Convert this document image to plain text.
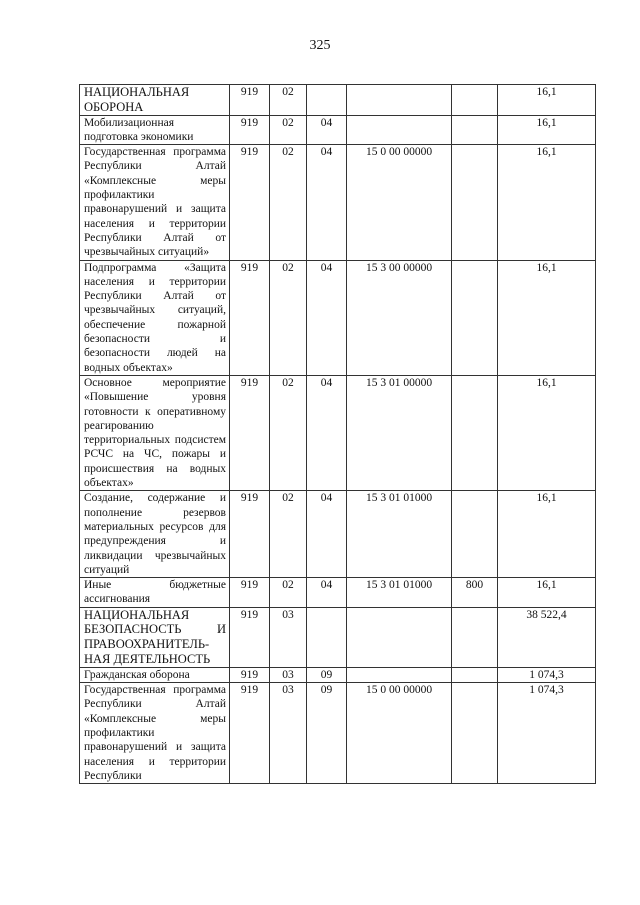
325
НАЦИОНАЛЬНАЯ ОБОРОНА	919	02				16,1
Мобилизационная подготовка экономики	919	02	04			16,1
Государственная программа Республики Алтай «Комплексные меры профилактики правонарушений и защита населения и территории Республики Алтай от чрезвычайных ситуаций»	919	02	04	15 0 00 00000		16,1
Подпрограмма «Защита населения и территории Республики Алтай от чрезвычайных ситуаций, обеспечение пожарной безопасности и безопасности людей на водных объектах»	919	02	04	15 3 00 00000		16,1
Основное мероприятие «Повышение уровня готовности к оперативному реагированию территориальных подсистем РСЧС на ЧС, пожары и происшествия на водных объектах»	919	02	04	15 3 01 00000		16,1
Создание, содержание и пополнение резервов материальных ресурсов для предупреждения и ликвидации чрезвычайных ситуаций	919	02	04	15 3 01 01000		16,1
Иные бюджетные ассигнования	919	02	04	15 3 01 01000	800	16,1
НАЦИОНАЛЬНАЯ БЕЗОПАСНОСТЬ И ПРАВООХРАНИТЕЛЬ-НАЯ ДЕЯТЕЛЬНОСТЬ	919	03				38 522,4
Гражданская оборона	919	03	09			1 074,3
Государственная программа Республики Алтай «Комплексные меры профилактики правонарушений и защита населения и территории Республики	919	03	09	15 0 00 00000		1 074,3
